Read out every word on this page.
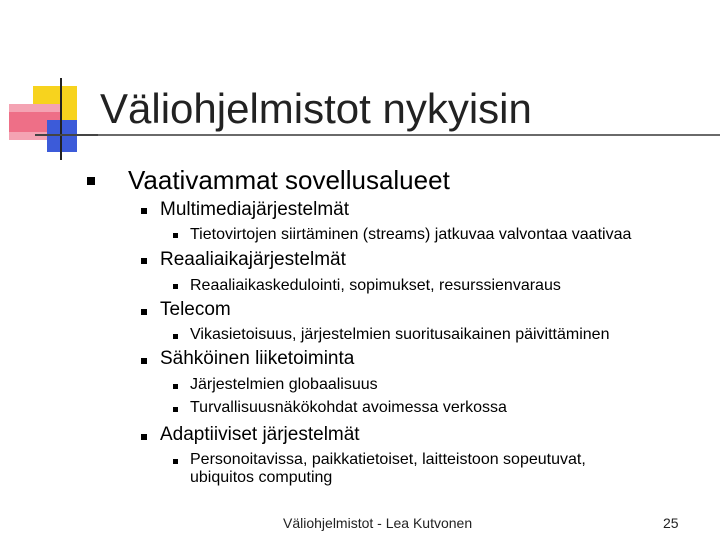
Väliohjelmistot nykyisin
Vaativammat sovellusalueet
Multimediajärjestelmät
Tietovirtojen siirtäminen (streams) jatkuvaa valvontaa vaativaa
Reaaliaikajärjestelmät
Reaaliaikaskedulointi, sopimukset, resurssienvaraus
Telecom
Vikasietoisuus, järjestelmien suoritusaikainen päivittäminen
Sähköinen liiketoiminta
Järjestelmien globaalisuus
Turvallisuusnäkökohdat avoimessa verkossa
Adaptiiviset järjestelmät
Personoitavissa, paikkatietoiset, laitteistoon sopeutuvat,
ubiquitos computing
Väliohjelmistot - Lea Kutvonen	25
